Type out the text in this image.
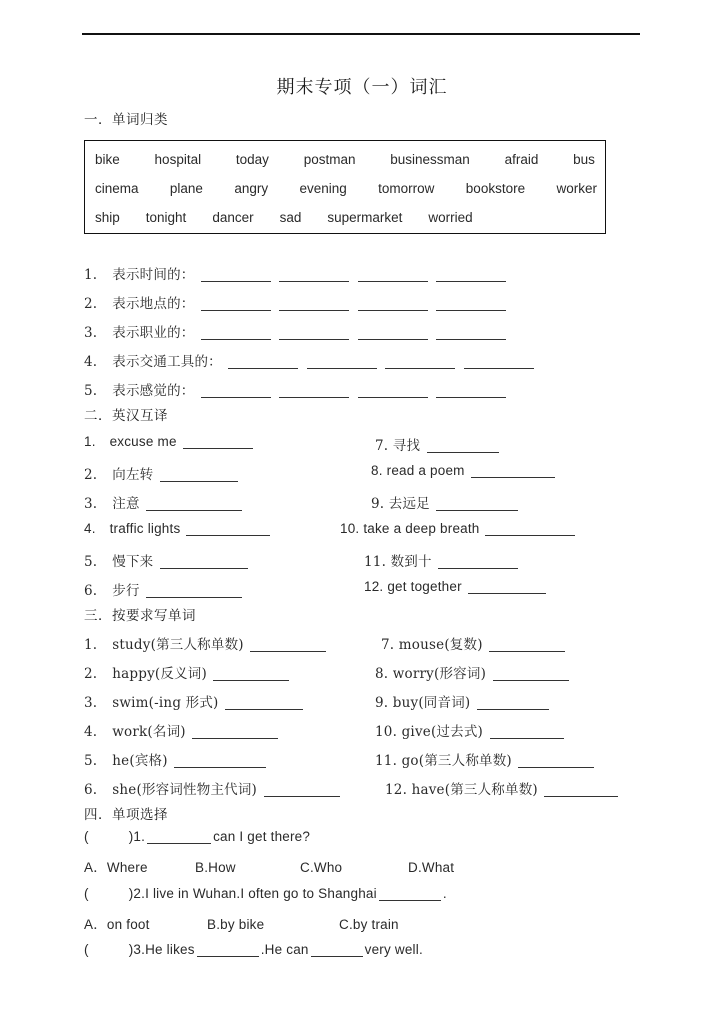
期末专项（一）词汇
一．单词归类
bike	hospital	today	postman	businessman	afraid	bus
cinema plane angry evening tomorrow bookstore worker
ship tonight dancer sad supermarket worried
1. 表示时间的：
2. 表示地点的：
3. 表示职业的：
4. 表示交通工具的：
5. 表示感觉的：
二．英汉互译
1. excuse me
2. 向左转
3. 注意
4. traffic lights
5. 慢下来
6. 步行
7. 寻找
8. read a poem
9. 去远足
10. take a deep breath
11. 数到十
12. get together
三．按要求写单词
1. study(第三人称单数)
2. happy(反义词)
3. swim(-ing 形式)
4. work(名词)
5. he(宾格)
6. she(形容词性物主代词)
7. mouse(复数)
8. worry(形容词)
9. buy(同音词)
10. give(过去式)
11. go(第三人称单数)
12. have(第三人称单数)
四．单项选择
(	)1.	can I get there?
A．Where	B.How	C.Who	D.What
(	)2.I live in Wuhan.I often go to Shanghai	.
A．on foot	B.by bike	C.by train
(	)3.He likes	.He can	very well.
